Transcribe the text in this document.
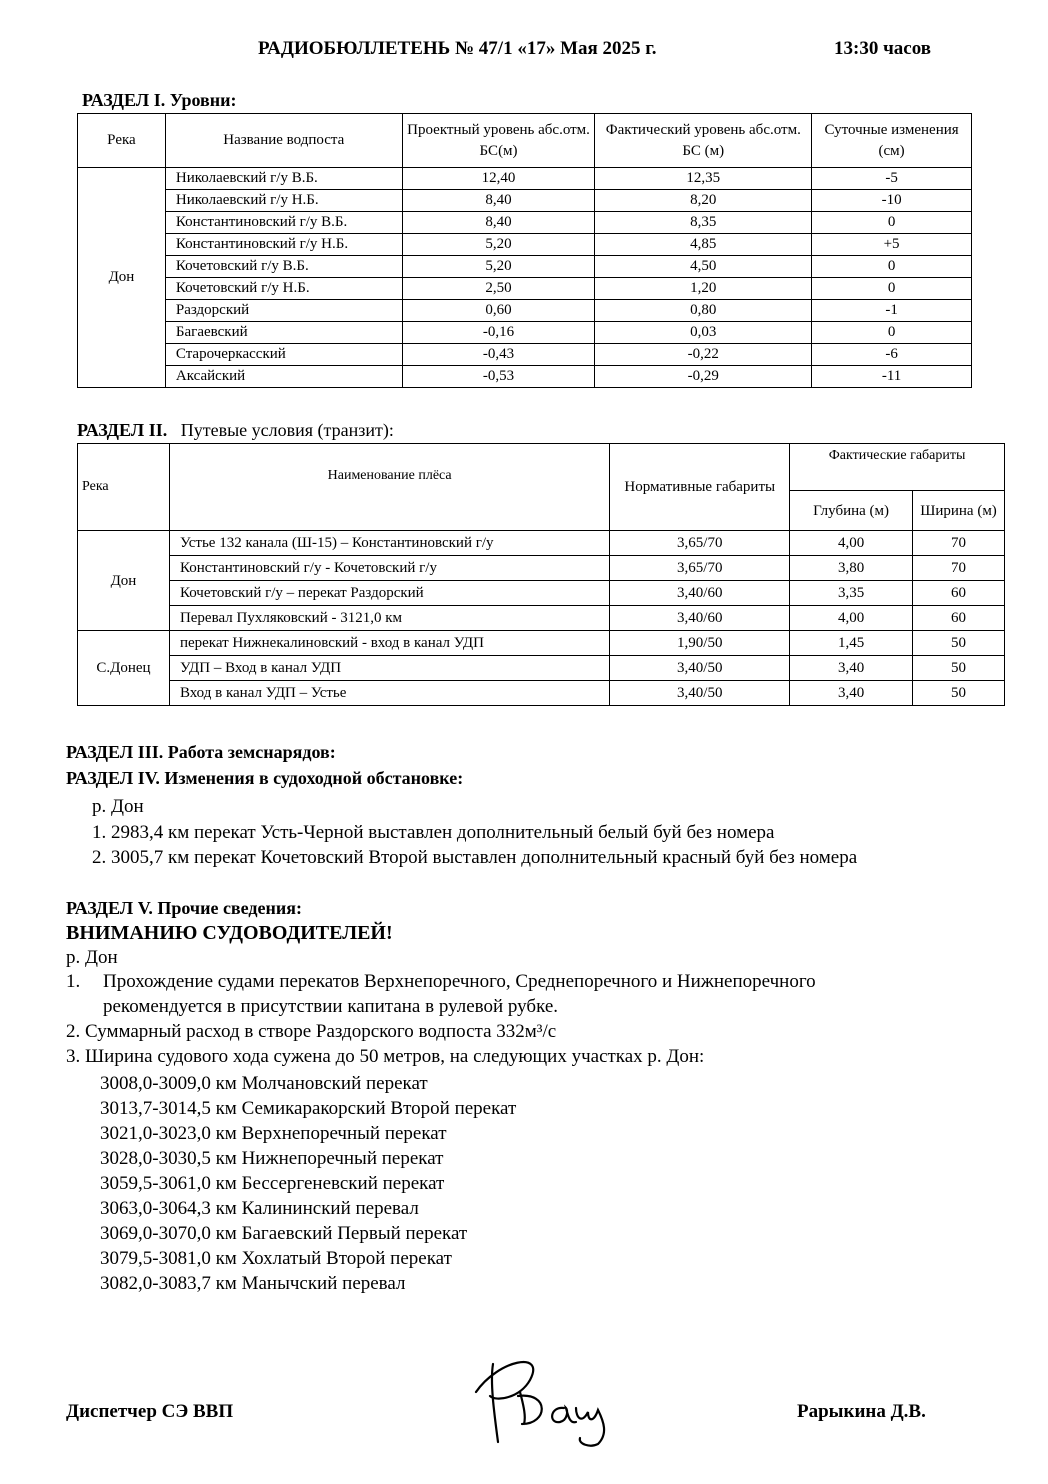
РАДИОБЮЛЛЕТЕНЬ № 47/1 «17» Мая 2025 г.	13:30 часов
РАЗДЕЛ I. Уровни:
Река	Название водпоста	Проектный уровень абс.отм. БС(м)	Фактический уровень абс.отм. БС (м)	Суточные изменения (см)
Дон	Николаевский г/у В.Б.	12,40	12,35	-5
	Николаевский г/у Н.Б.	8,40	8,20	-10
	Константиновский г/у В.Б.	8,40	8,35	0
	Константиновский г/у Н.Б.	5,20	4,85	+5
	Кочетовский г/у В.Б.	5,20	4,50	0
	Кочетовский г/у Н.Б.	2,50	1,20	0
	Раздорский	0,60	0,80	-1
	Багаевский	-0,16	0,03	0
	Старочеркасский	-0,43	-0,22	-6
	Аксайский	-0,53	-0,29	-11
РАЗДЕЛ II. Путевые условия (транзит):
Река	Наименование плёса	Нормативные габариты	Фактические габариты	
			Глубина (м)	Ширина (м)
Дон	Устье 132 канала (Ш-15) – Константиновский г/у	3,65/70	4,00	70
	Константиновский г/у - Кочетовский г/у	3,65/70	3,80	70
	Кочетовский г/у – перекат Раздорский	3,40/60	3,35	60
	Перевал Пухляковский - 3121,0 км	3,40/60	4,00	60
С.Донец	перекат Нижнекалиновский - вход в канал УДП	1,90/50	1,45	50
	УДП – Вход в канал УДП	3,40/50	3,40	50
	Вход в канал УДП – Устье	3,40/50	3,40	50
РАЗДЕЛ III. Работа земснарядов:
РАЗДЕЛ IV. Изменения в судоходной обстановке:
р. Дон
1. 2983,4 км перекат Усть-Черной выставлен дополнительный белый буй без номера
2. 3005,7 км перекат Кочетовский Второй выставлен дополнительный красный буй без номера
РАЗДЕЛ V. Прочие сведения:
ВНИМАНИЮ СУДОВОДИТЕЛЕЙ!
р. Дон
1. Прохождение судами перекатов Верхнепоречного, Среднепоречного и Нижнепоречного
рекомендуется в присутствии капитана в рулевой рубке.
2. Суммарный расход в створе Раздорского водпоста 332м³/с
3. Ширина судового хода сужена до 50 метров, на следующих участках р. Дон:
3008,0-3009,0 км Молчановский перекат
3013,7-3014,5 км Семикаракорский Второй перекат
3021,0-3023,0 км Верхнепоречный перекат
3028,0-3030,5 км Нижнепоречный перекат
3059,5-3061,0 км Бессергеневский перекат
3063,0-3064,3 км Калининский перевал
3069,0-3070,0 км Багаевский Первый перекат
3079,5-3081,0 км Хохлатый Второй перекат
3082,0-3083,7 км Манычский перевал
Диспетчер СЭ ВВП	Рарыкина Д.В.
